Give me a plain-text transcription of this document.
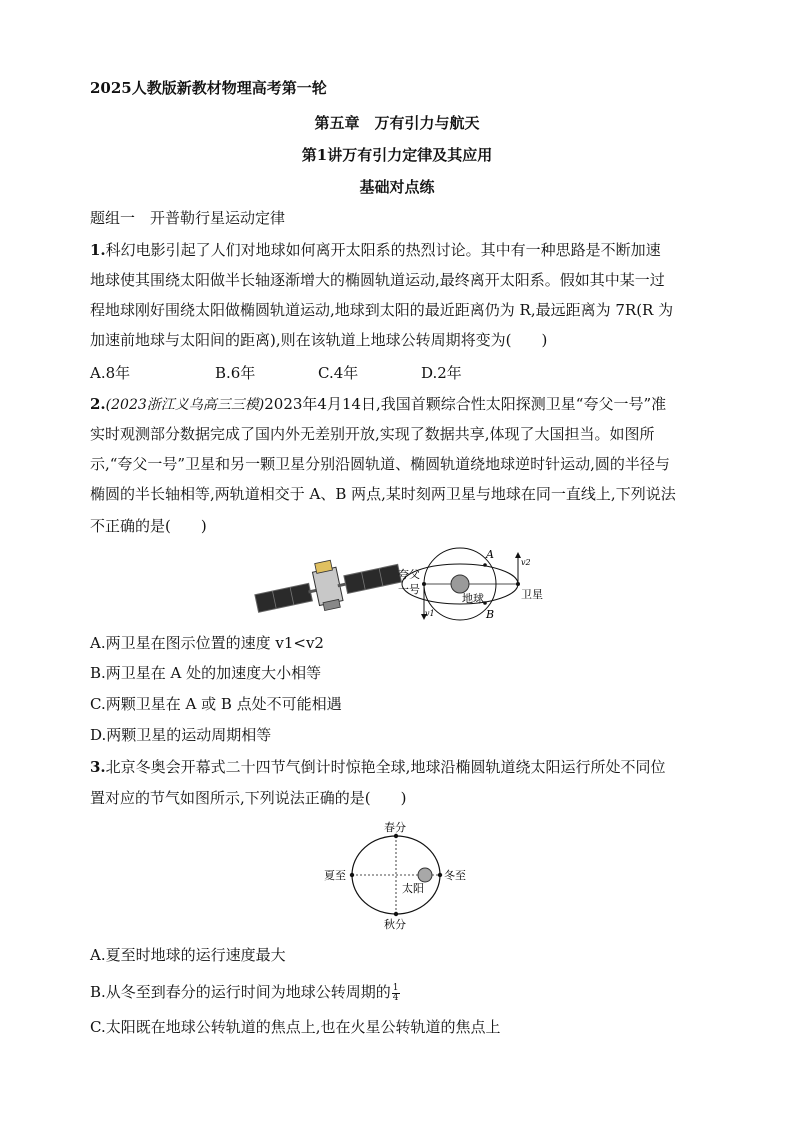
2025人教版新教材物理高考第一轮
第五章　万有引力与航天
第1讲万有引力定律及其应用
基础对点练
题组一　开普勒行星运动定律
1.科幻电影引起了人们对地球如何离开太阳系的热烈讨论。其中有一种思路是不断加速
地球使其围绕太阳做半长轴逐渐增大的椭圆轨道运动,最终离开太阳系。假如其中某一过
程地球刚好围绕太阳做椭圆轨道运动,地球到太阳的最近距离仍为 R,最远距离为 7R(R 为
加速前地球与太阳间的距离),则在该轨道上地球公转周期将变为(　　)
A.8年	B.6年	C.4年	D.2年
2.(2023浙江义乌高三三模)2023年4月14日,我国首颗综合性太阳探测卫星“夸父一号”准
实时观测部分数据完成了国内外无差别开放,实现了数据共享,体现了大国担当。如图所
示,“夸父一号”卫星和另一颗卫星分别沿圆轨道、椭圆轨道绕地球逆时针运动,圆的半径与
椭圆的半长轴相等,两轨道相交于 A、B 两点,某时刻两卫星与地球在同一直线上,下列说法
不正确的是(　　)
夸父
一号
地球	卫星
A
B
v1
v2
A.两卫星在图示位置的速度 v1<v2
B.两卫星在 A 处的加速度大小相等
C.两颗卫星在 A 或 B 点处不可能相遇
D.两颗卫星的运动周期相等
3.北京冬奥会开幕式二十四节气倒计时惊艳全球,地球沿椭圆轨道绕太阳运行所处不同位
置对应的节气如图所示,下列说法正确的是(　　)
春分
夏至	冬至
秋分
太阳
A.夏至时地球的运行速度最大
B.从冬至到春分的运行时间为地球公转周期的 $\frac{1}{4}$
C.太阳既在地球公转轨道的焦点上,也在火星公转轨道的焦点上
